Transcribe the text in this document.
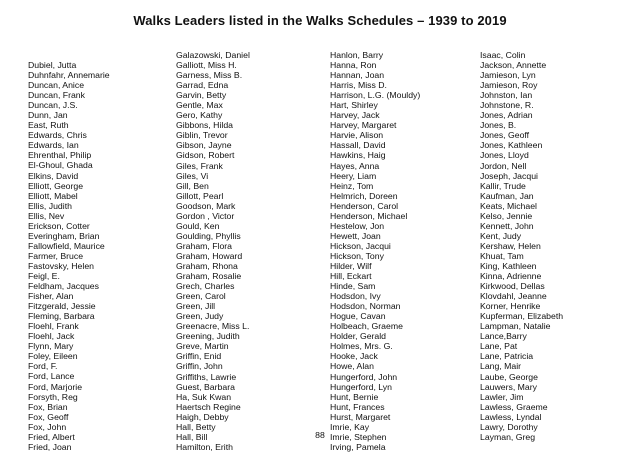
Walks Leaders listed in the Walks Schedules – 1939 to 2019
Dubiel, Jutta
Duhnfahr, Annemarie
Duncan, Anice
Duncan, Frank
Duncan, J.S.
Dunn, Jan
East, Ruth
Edwards, Chris
Edwards, Ian
Ehrenthal, Philip
El-Ghoul, Ghada
Elkins, David
Elliott, George
Elliott, Mabel
Ellis, Judith
Ellis, Nev
Erickson, Cotter
Everingham, Brian
Fallowfield, Maurice
Farmer, Bruce
Fastovsky, Helen
Feigl, E.
Feldham, Jacques
Fisher, Alan
Fitzgerald, Jessie
Fleming, Barbara
Floehl, Frank
Floehl, Jack
Flynn, Mary
Foley, Eileen
Ford, F.
Ford, Lance
Ford, Marjorie
Forsyth, Reg
Fox, Brian
Fox, Geoff
Fox, John
Fried, Albert
Fried, Joan
Galazowski, Daniel
Galliott, Miss H.
Garness, Miss B.
Garrad, Edna
Garvin, Betty
Gentle, Max
Gero, Kathy
Gibbons, Hilda
Giblin, Trevor
Gibson, Jayne
Gidson, Robert
Giles, Frank
Giles, Vi
Gill, Ben
Gillott, Pearl
Goodson, Mark
Gordon , Victor
Gould, Ken
Goulding, Phyllis
Graham, Flora
Graham, Howard
Graham, Rhona
Graham, Rosalie
Grech, Charles
Green, Carol
Green, Jill
Green, Judy
Greenacre, Miss L.
Greening, Judith
Greve, Martin
Griffin, Enid
Griffin, John
Griffiths, Lawrie
Guest, Barbara
Ha, Suk Kwan
Haertsch Regine
Haigh, Debby
Hall, Betty
Hall, Bill
Hamilton, Erith
Hanlon, Barry
Hanna, Ron
Hannan, Joan
Harris, Miss D.
Harrison, L.G. (Mouldy)
Hart, Shirley
Harvey, Jack
Harvey, Margaret
Harvie, Alison
Hassall, David
Hawkins, Haig
Hayes, Anna
Heery, Liam
Heinz, Tom
Helmrich, Doreen
Henderson, Carol
Henderson, Michael
Hestelow, Jon
Hewett, Joan
Hickson, Jacqui
Hickson, Tony
Hilder, Wilf
Hill, Eckart
Hinde, Sam
Hodsdon, Ivy
Hodsdon, Norman
Hogue, Cavan
Holbeach, Graeme
Holder, Gerald
Holmes, Mrs. G.
Hooke, Jack
Howe, Alan
Hungerford, John
Hungerford, Lyn
Hunt, Bernie
Hunt, Frances
Hurst, Margaret
Imrie, Kay
Imrie, Stephen
Irving, Pamela
Isaac, Colin
Jackson, Annette
Jamieson, Lyn
Jamieson, Roy
Johnston, Ian
Johnstone, R.
Jones, Adrian
Jones, B.
Jones, Geoff
Jones, Kathleen
Jones, Lloyd
Jordon, Nell
Joseph, Jacqui
Kallir, Trude
Kaufman, Jan
Keats, Michael
Kelso, Jennie
Kennett, John
Kent, Judy
Kershaw, Helen
Khuat, Tam
King, Kathleen
Kinna, Adrienne
Kirkwood, Dellas
Klovdahl, Jeanne
Korner, Henrike
Kupferman, Elizabeth
Lampman, Natalie
Lance,Barry
Lane, Pat
Lane, Patricia
Lang, Mair
Laube, George
Lauwers, Mary
Lawler, Jim
Lawless, Graeme
Lawless, Lyndal
Lawry, Dorothy
Layman, Greg
88
